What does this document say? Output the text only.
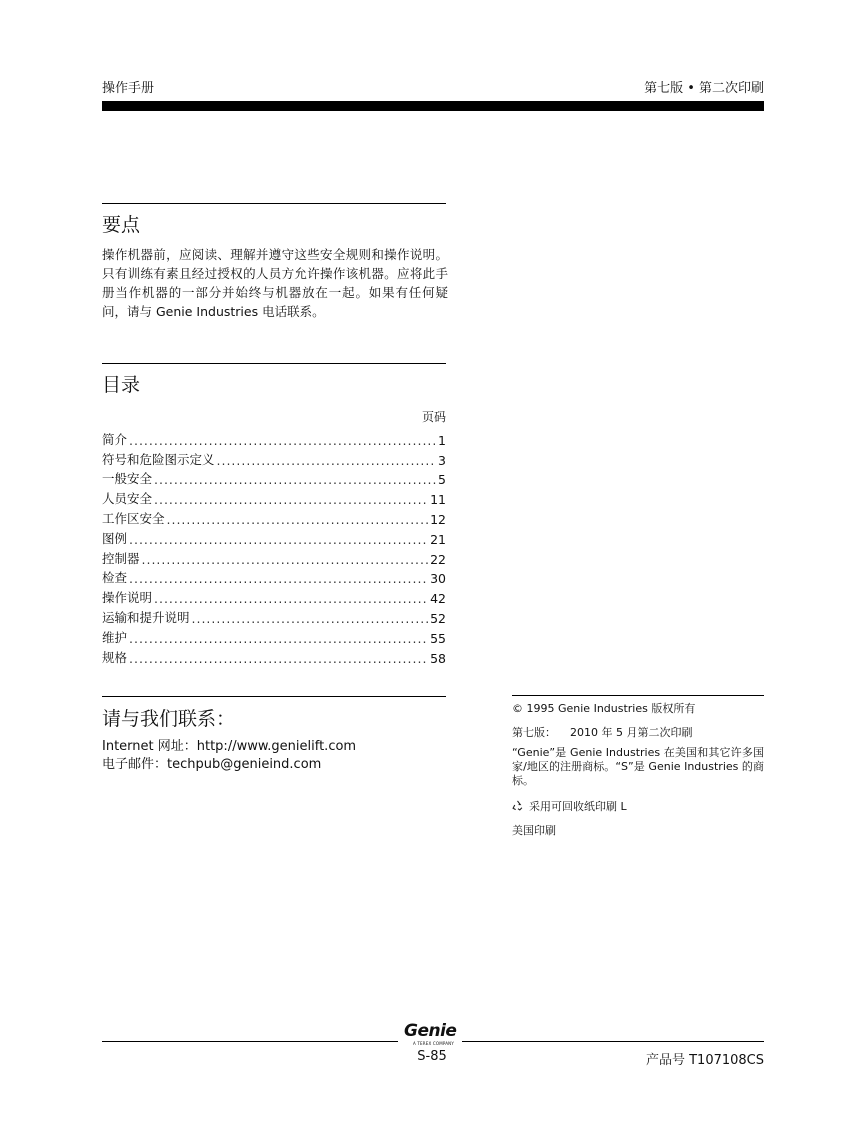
操作手册	第七版 • 第二次印刷
要点
操作机器前，应阅读、理解并遵守这些安全规则和操作说明。只有训练有素且经过授权的人员方允许操作该机器。应将此手册当作机器的一部分并始终与机器放在一起。如果有任何疑问，请与 Genie Industries 电话联系。
目录
页码
简介 .....	1
符号和危险图示定义 .....	3
一般安全 .....	5
人员安全 .....	11
工作区安全 .....	12
图例 .....	21
控制器 .....	22
检查 .....	30
操作说明 .....	42
运输和提升说明 .....	52
维护 .....	55
规格 .....	58
请与我们联系：
Internet 网址：http://www.genielift.com
电子邮件：techpub@genieind.com
© 1995 Genie Industries 版权所有
第七版： 2010 年 5 月第二次印刷
“Genie”是 Genie Industries 在美国和其它许多国家/地区的注册商标。“S”是 Genie Industries 的商标。
采用可回收纸印刷 L
美国印刷
Genie
A TEREX COMPANY
S-85	产品号 T107108CS
